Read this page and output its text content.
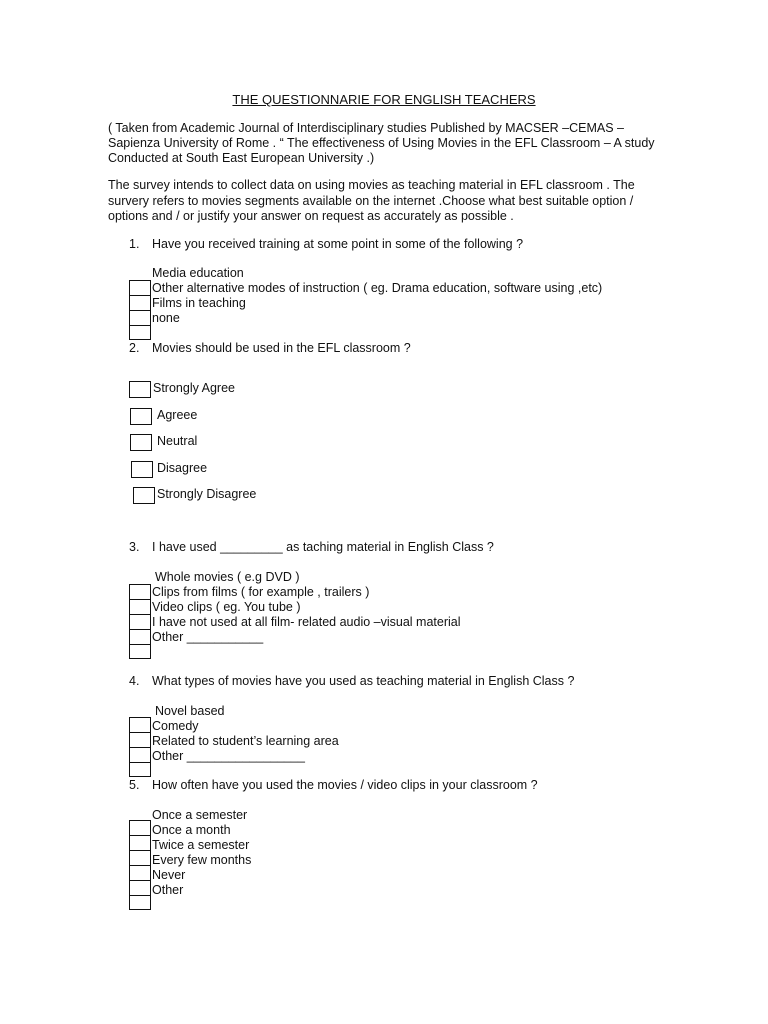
THE QUESTIONNARIE FOR ENGLISH TEACHERS
( Taken from Academic Journal of Interdisciplinary studies Published by MACSER –CEMAS –
Sapienza University of Rome . “ The effectiveness of Using Movies in the EFL Classroom – A study
Conducted at South East European University .)
The survey intends to collect data on using movies as teaching material in EFL classroom . The
survery refers to movies segments available on the internet .Choose what best suitable option /
options and / or justify your answer on request as accurately as possible .
1. Have you received training at some point in some of the following ?
Media education
Other alternative modes of instruction ( eg. Drama education, software using ,etc)
Films in teaching
none
2. Movies should be used in the EFL classroom ?
Strongly Agree
Agreee
Neutral
Disagree
Strongly Disagree
3. I have used _________ as taching material in English Class ?
Whole movies ( e.g DVD )
Clips from films ( for example , trailers )
Video clips ( eg. You tube )
I have not used at all film- related audio –visual material
Other ___________
4. What types of movies have you used as teaching material in English Class ?
Novel based
Comedy
Related to student’s learning area
Other _________________
5. How often have you used the movies / video clips in your classroom ?
Once a semester
Once a month
Twice a semester
Every few months
Never
Other
